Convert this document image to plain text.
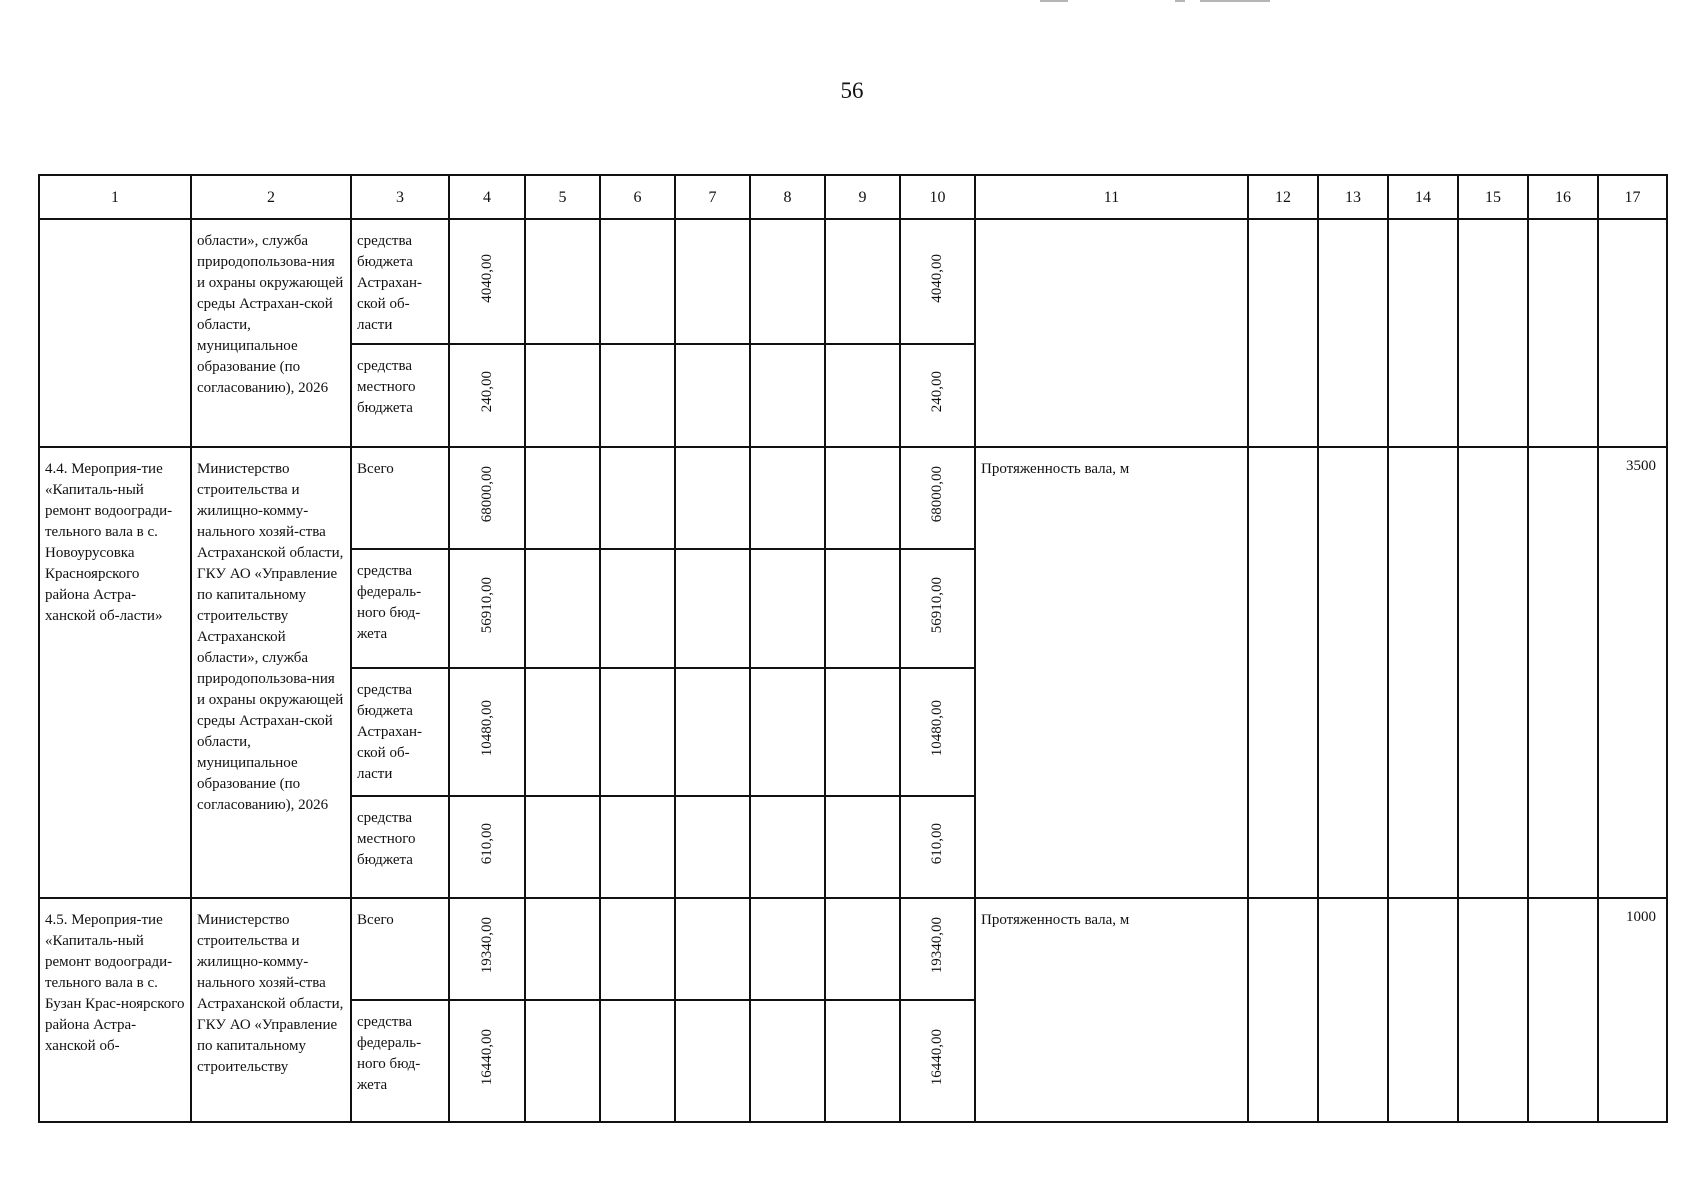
56
1	2	3	4	5	6	7	8	9	10	11	12	13	14	15	16	17

	области», служба природопользова-ния и охраны окружающей среды Астрахан-ской области, муниципальное образование (по согласованию), 2026	средства бюджета Астрахан-ской об-ласти	4040,00						4040,00							

		средства местного бюджета	240,00						240,00							

4.4. Мероприя-тие «Капиталь-ный ремонт водоогради-тельного вала в с. Новоурусовка Красноярского района Астра-ханской об-ласти»	Министерство строительства и жилищно-комму-нального хозяй-ства Астраханской области, ГКУ АО «Управление по капитальному строительству Астраханской области», служба природопользова-ния и охраны окружающей среды Астрахан-ской области, муниципальное образование (по согласованию), 2026	Всего	68000,00						68000,00	Протяженность вала, м						3500

		средства федераль-ного бюд-жета	56910,00						56910,00							

		средства бюджета Астрахан-ской об-ласти	10480,00						10480,00							

		средства местного бюджета	610,00						610,00							

4.5. Мероприя-тие «Капиталь-ный ремонт водоогради-тельного вала в с. Бузан Крас-ноярского района Астра-ханской об-	Министерство строительства и жилищно-комму-нального хозяй-ства Астраханской области, ГКУ АО «Управление по капитальному строительству	Всего	19340,00						19340,00	Протяженность вала, м						1000

		средства федераль-ного бюд-жета	16440,00						16440,00							
